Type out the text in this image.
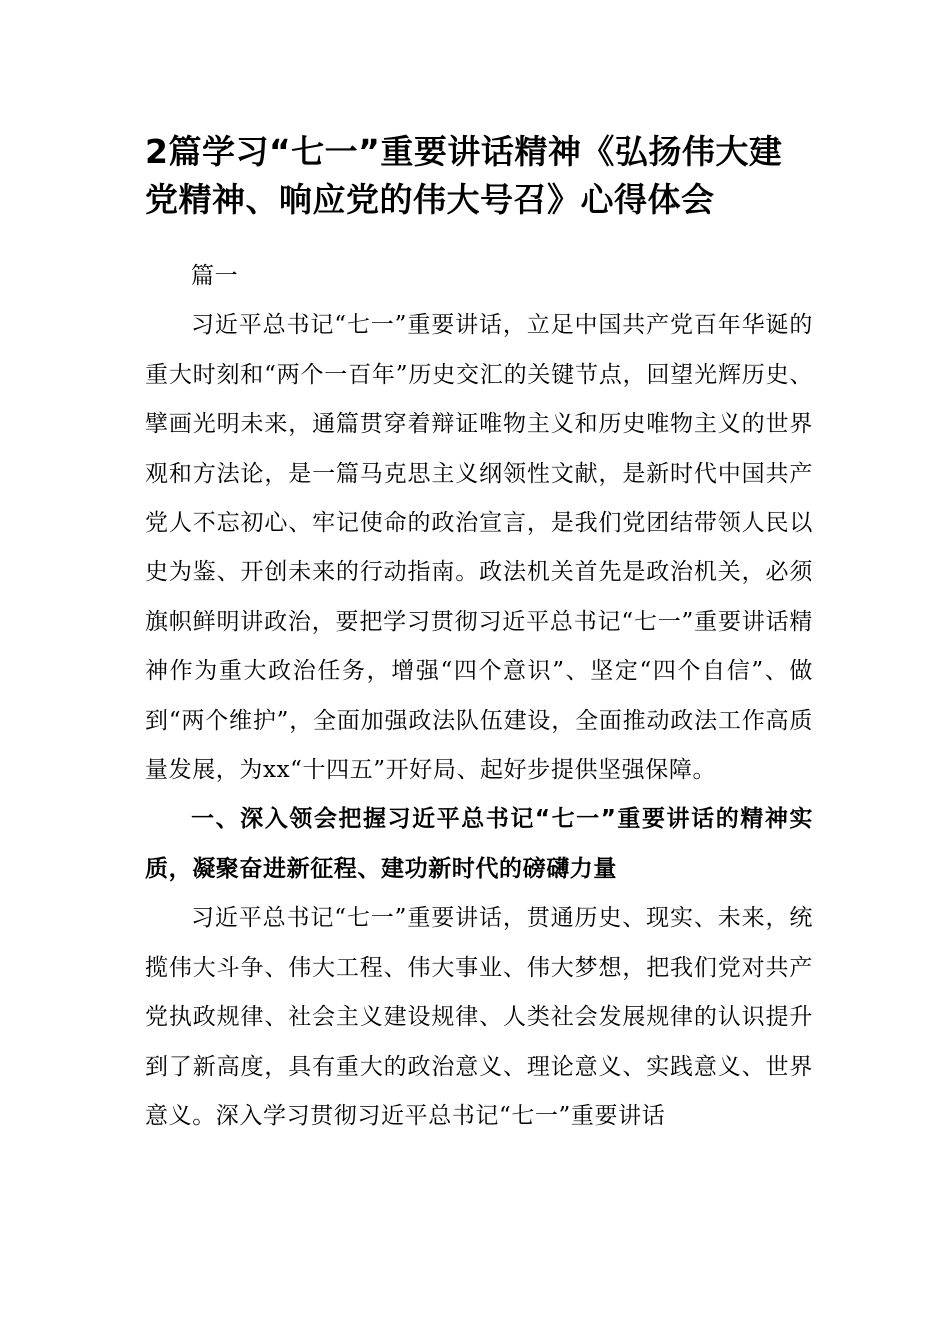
2篇学习“七一”重要讲话精神《弘扬伟大建党精神、响应党的伟大号召》心得体会

篇一

习近平总书记“七一”重要讲话，立足中国共产党百年华诞的重大时刻和“两个一百年”历史交汇的关键节点，回望光辉历史、擘画光明未来，通篇贯穿着辩证唯物主义和历史唯物主义的世界观和方法论，是一篇马克思主义纲领性文献，是新时代中国共产党人不忘初心、牢记使命的政治宣言，是我们党团结带领人民以史为鉴、开创未来的行动指南。政法机关首先是政治机关，必须旗帜鲜明讲政治，要把学习贯彻习近平总书记“七一”重要讲话精神作为重大政治任务，增强“四个意识”、坚定“四个自信”、做到“两个维护”，全面加强政法队伍建设，全面推动政法工作高质量发展，为xx“十四五”开好局、起好步提供坚强保障。

一、深入领会把握习近平总书记“七一”重要讲话的精神实质，凝聚奋进新征程、建功新时代的磅礴力量

习近平总书记“七一”重要讲话，贯通历史、现实、未来，统揽伟大斗争、伟大工程、伟大事业、伟大梦想，把我们党对共产党执政规律、社会主义建设规律、人类社会发展规律的认识提升到了新高度，具有重大的政治意义、理论意义、实践意义、世界意义。深入学习贯彻习近平总书记“七一”重要讲话
